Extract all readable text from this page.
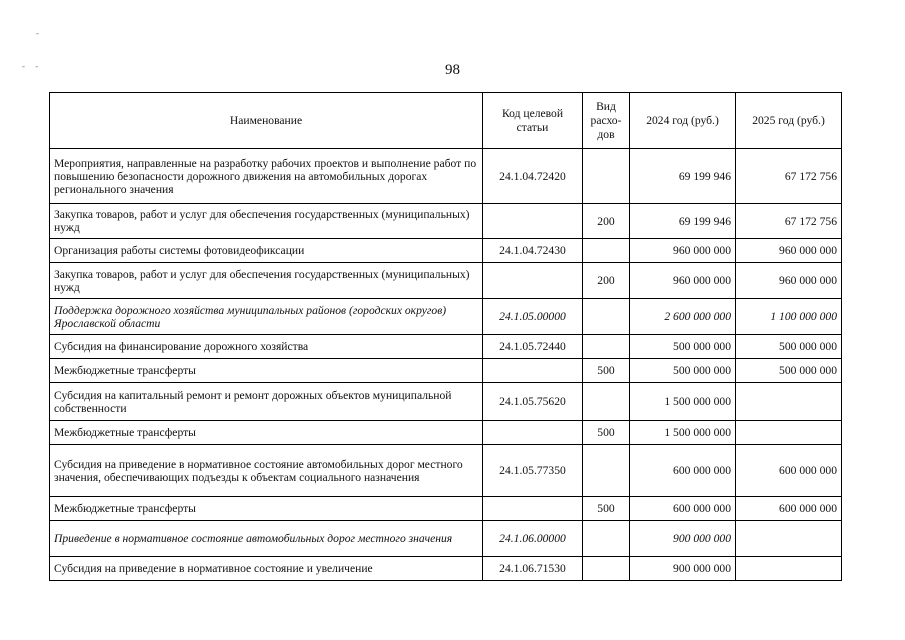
-
- -	98
Наименование	Код целевой статьи	Вид расхо- дов	2024 год (руб.)	2025 год (руб.)
Мероприятия, направленные на разработку рабочих проектов и выполнение работ по повышению безопасности дорожного движения на автомобильных дорогах регионального значения	24.1.04.72420		69 199 946	67 172 756
Закупка товаров, работ и услуг для обеспечения государственных (муниципальных) нужд		200	69 199 946	67 172 756
Организация работы системы фотовидеофиксации	24.1.04.72430		960 000 000	960 000 000
Закупка товаров, работ и услуг для обеспечения государственных (муниципальных) нужд		200	960 000 000	960 000 000
Поддержка дорожного хозяйства муниципальных районов (городских округов) Ярославской области	24.1.05.00000		2 600 000 000	1 100 000 000
Субсидия на финансирование дорожного хозяйства	24.1.05.72440		500 000 000	500 000 000
Межбюджетные трансферты		500	500 000 000	500 000 000
Субсидия на капитальный ремонт и ремонт дорожных объектов муниципальной собственности	24.1.05.75620		1 500 000 000	
Межбюджетные трансферты		500	1 500 000 000	
Субсидия на приведение в нормативное состояние автомобильных дорог местного значения, обеспечивающих подъезды к объектам социального назначения	24.1.05.77350		600 000 000	600 000 000
Межбюджетные трансферты		500	600 000 000	600 000 000
Приведение в нормативное состояние автомобильных дорог местного значения	24.1.06.00000		900 000 000	
Субсидия на приведение в нормативное состояние и увеличение	24.1.06.71530		900 000 000	
